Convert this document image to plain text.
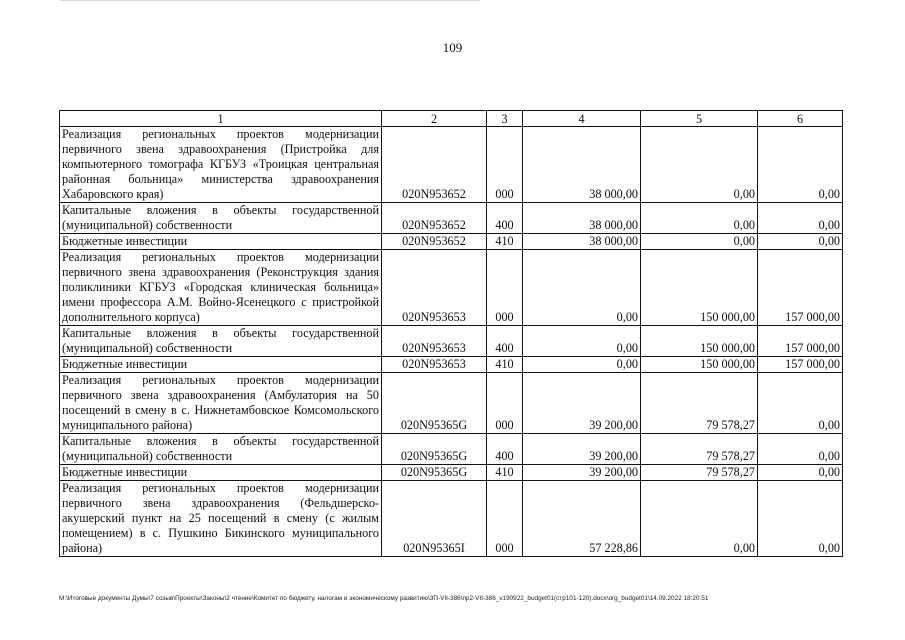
109
1	2	3	4	5	6
Реализация региональных проектов модернизации первичного звена здравоохранения (Пристройка для компьютерного томографа КГБУЗ «Троицкая центральная районная больница» министерства здравоохранения Хабаровского края)	020N953652	000	38 000,00	0,00	0,00
Капитальные вложения в объекты государственной (муниципальной) собственности	020N953652	400	38 000,00	0,00	0,00
Бюджетные инвестиции	020N953652	410	38 000,00	0,00	0,00
Реализация региональных проектов модернизации первичного звена здравоохранения (Реконструкция здания поликлиники КГБУЗ «Городская клиническая больница» имени профессора А.М. Войно-Ясенецкого с пристройкой дополнительного корпуса)	020N953653	000	0,00	150 000,00	157 000,00
Капитальные вложения в объекты государственной (муниципальной) собственности	020N953653	400	0,00	150 000,00	157 000,00
Бюджетные инвестиции	020N953653	410	0,00	150 000,00	157 000,00
Реализация региональных проектов модернизации первичного звена здравоохранения (Амбулатория на 50 посещений в смену в с. Нижнетамбовское Комсомольского муниципального района)	020N95365G	000	39 200,00	79 578,27	0,00
Капитальные вложения в объекты государственной (муниципальной) собственности	020N95365G	400	39 200,00	79 578,27	0,00
Бюджетные инвестиции	020N95365G	410	39 200,00	79 578,27	0,00
Реализация региональных проектов модернизации первичного звена здравоохранения (Фельдшерско-акушерский пункт на 25 посещений в смену (с жилым помещением) в с. Пушкино Бикинского муниципального района)	020N95365I	000	57 228,86	0,00	0,00
M:\Итоговые документы Думы\7 созыв\Проекты\Законы\2 чтение\Комитет по бюджету, налогам и экономическому развитию\3П-VII-386\пр2-VII-386_v190922_budget01(стр101-120).docx\org_budget01\14.09.2022 18:20:51
